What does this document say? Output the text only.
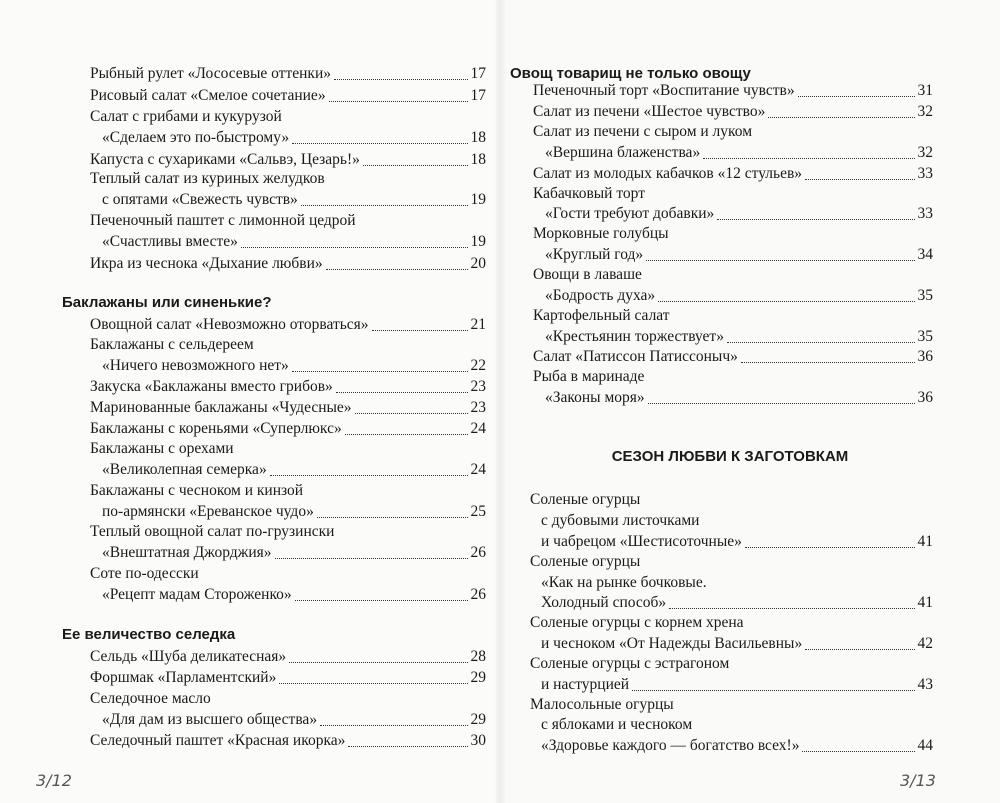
Рыбный рулет «Лососевые оттенки»	17
Рисовый салат «Смелое сочетание»	17
Салат с грибами и кукурузой
«Сделаем это по-быстрому»	18
Капуста с сухариками «Сальвэ, Цезарь!»	18
Теплый салат из куриных желудков
с опятами «Свежесть чувств»	19
Печеночный паштет с лимонной цедрой
«Счастливы вместе»	19
Икра из чеснока «Дыхание любви»	20
Баклажаны или синенькие?
Овощной салат «Невозможно оторваться»	21
Баклажаны с сельдереем
«Ничего невозможного нет»	22
Закуска «Баклажаны вместо грибов»	23
Маринованные баклажаны «Чудесные»	23
Баклажаны с кореньями «Суперлюкс»	24
Баклажаны с орехами
«Великолепная семерка»	24
Баклажаны с чесноком и кинзой
по-армянски «Ереванское чудо»	25
Теплый овощной салат по-грузински
«Внештатная Джорджия»	26
Соте по-одесски
«Рецепт мадам Стороженко»	26
Ее величество селедка
Сельдь «Шуба деликатесная»	28
Форшмак «Парламентский»	29
Селедочное масло
«Для дам из высшего общества»	29
Селедочный паштет «Красная икорка»	30
3/12
Овощ товарищ не только овощу
Печеночный торт «Воспитание чувств»	31
Салат из печени «Шестое чувство»	32
Салат из печени с сыром и луком
«Вершина блаженства»	32
Салат из молодых кабачков «12 стульев»	33
Кабачковый торт
«Гости требуют добавки»	33
Морковные голубцы
«Круглый год»	34
Овощи в лаваше
«Бодрость духа»	35
Картофельный салат
«Крестьянин торжествует»	35
Салат «Патиссон Патиссоныч»	36
Рыба в маринаде
«Законы моря»	36
СЕЗОН ЛЮБВИ К ЗАГОТОВКАМ
Соленые огурцы
с дубовыми листочками
и чабрецом «Шестисоточные»	41
Соленые огурцы
«Как на рынке бочковые.
Холодный способ»	41
Соленые огурцы с корнем хрена
и чесноком «От Надежды Васильевны»	42
Соленые огурцы с эстрагоном
и настурцией	43
Малосольные огурцы
с яблоками и чесноком
«Здоровье каждого — богатство всех!»	44
3/13
